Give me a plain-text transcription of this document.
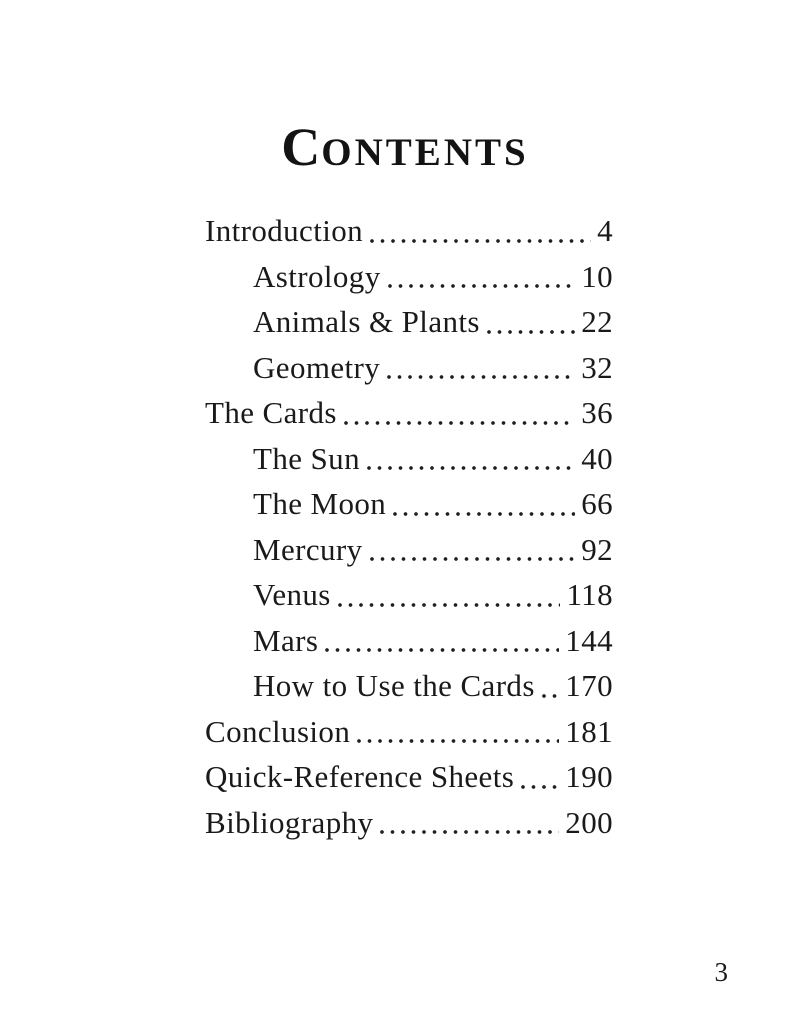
CONTENTS
Introduction	4
Astrology	10
Animals & Plants	22
Geometry	32
The Cards	36
The Sun	40
The Moon	66
Mercury	92
Venus	118
Mars	144
How to Use the Cards 170
Conclusion	181
Quick-Reference Sheets 190
Bibliography	200
3
